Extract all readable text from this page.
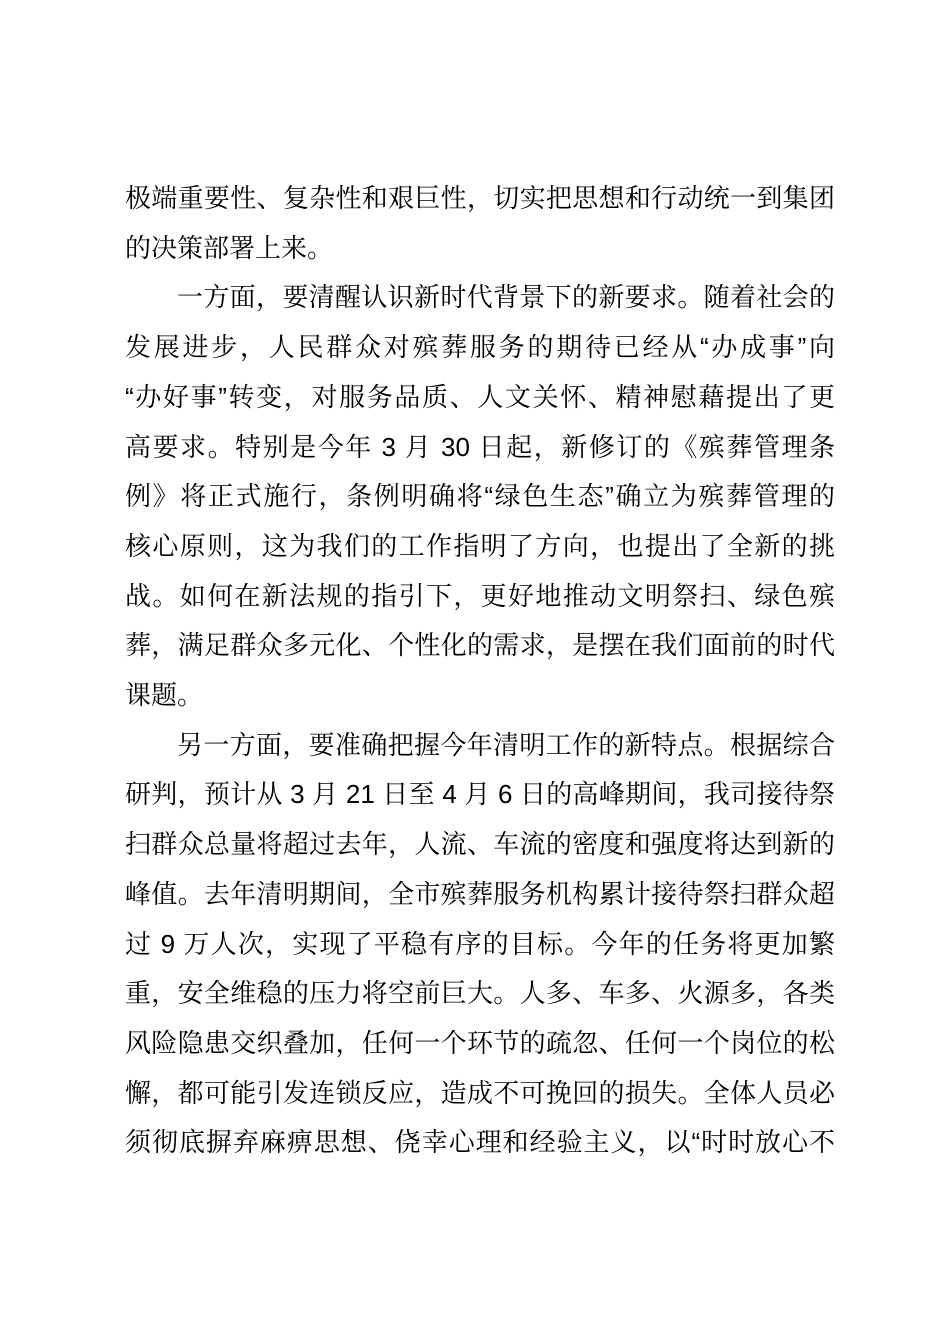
极端重要性、复杂性和艰巨性，切实把思想和行动统一到集团
的决策部署上来。
一方面，要清醒认识新时代背景下的新要求。随着社会的
发展进步，人民群众对殡葬服务的期待已经从“办成事”向
“办好事”转变，对服务品质、人文关怀、精神慰藉提出了更
高要求。特别是今年 3 月 30 日起，新修订的《殡葬管理条
例》将正式施行，条例明确将“绿色生态”确立为殡葬管理的
核心原则，这为我们的工作指明了方向，也提出了全新的挑
战。如何在新法规的指引下，更好地推动文明祭扫、绿色殡
葬，满足群众多元化、个性化的需求，是摆在我们面前的时代
课题。
另一方面，要准确把握今年清明工作的新特点。根据综合
研判，预计从 3 月 21 日至 4 月 6 日的高峰期间，我司接待祭
扫群众总量将超过去年，人流、车流的密度和强度将达到新的
峰值。去年清明期间，全市殡葬服务机构累计接待祭扫群众超
过 9 万人次，实现了平稳有序的目标。今年的任务将更加繁
重，安全维稳的压力将空前巨大。人多、车多、火源多，各类
风险隐患交织叠加，任何一个环节的疏忽、任何一个岗位的松
懈，都可能引发连锁反应，造成不可挽回的损失。全体人员必
须彻底摒弃麻痹思想、侥幸心理和经验主义，以“时时放心不
